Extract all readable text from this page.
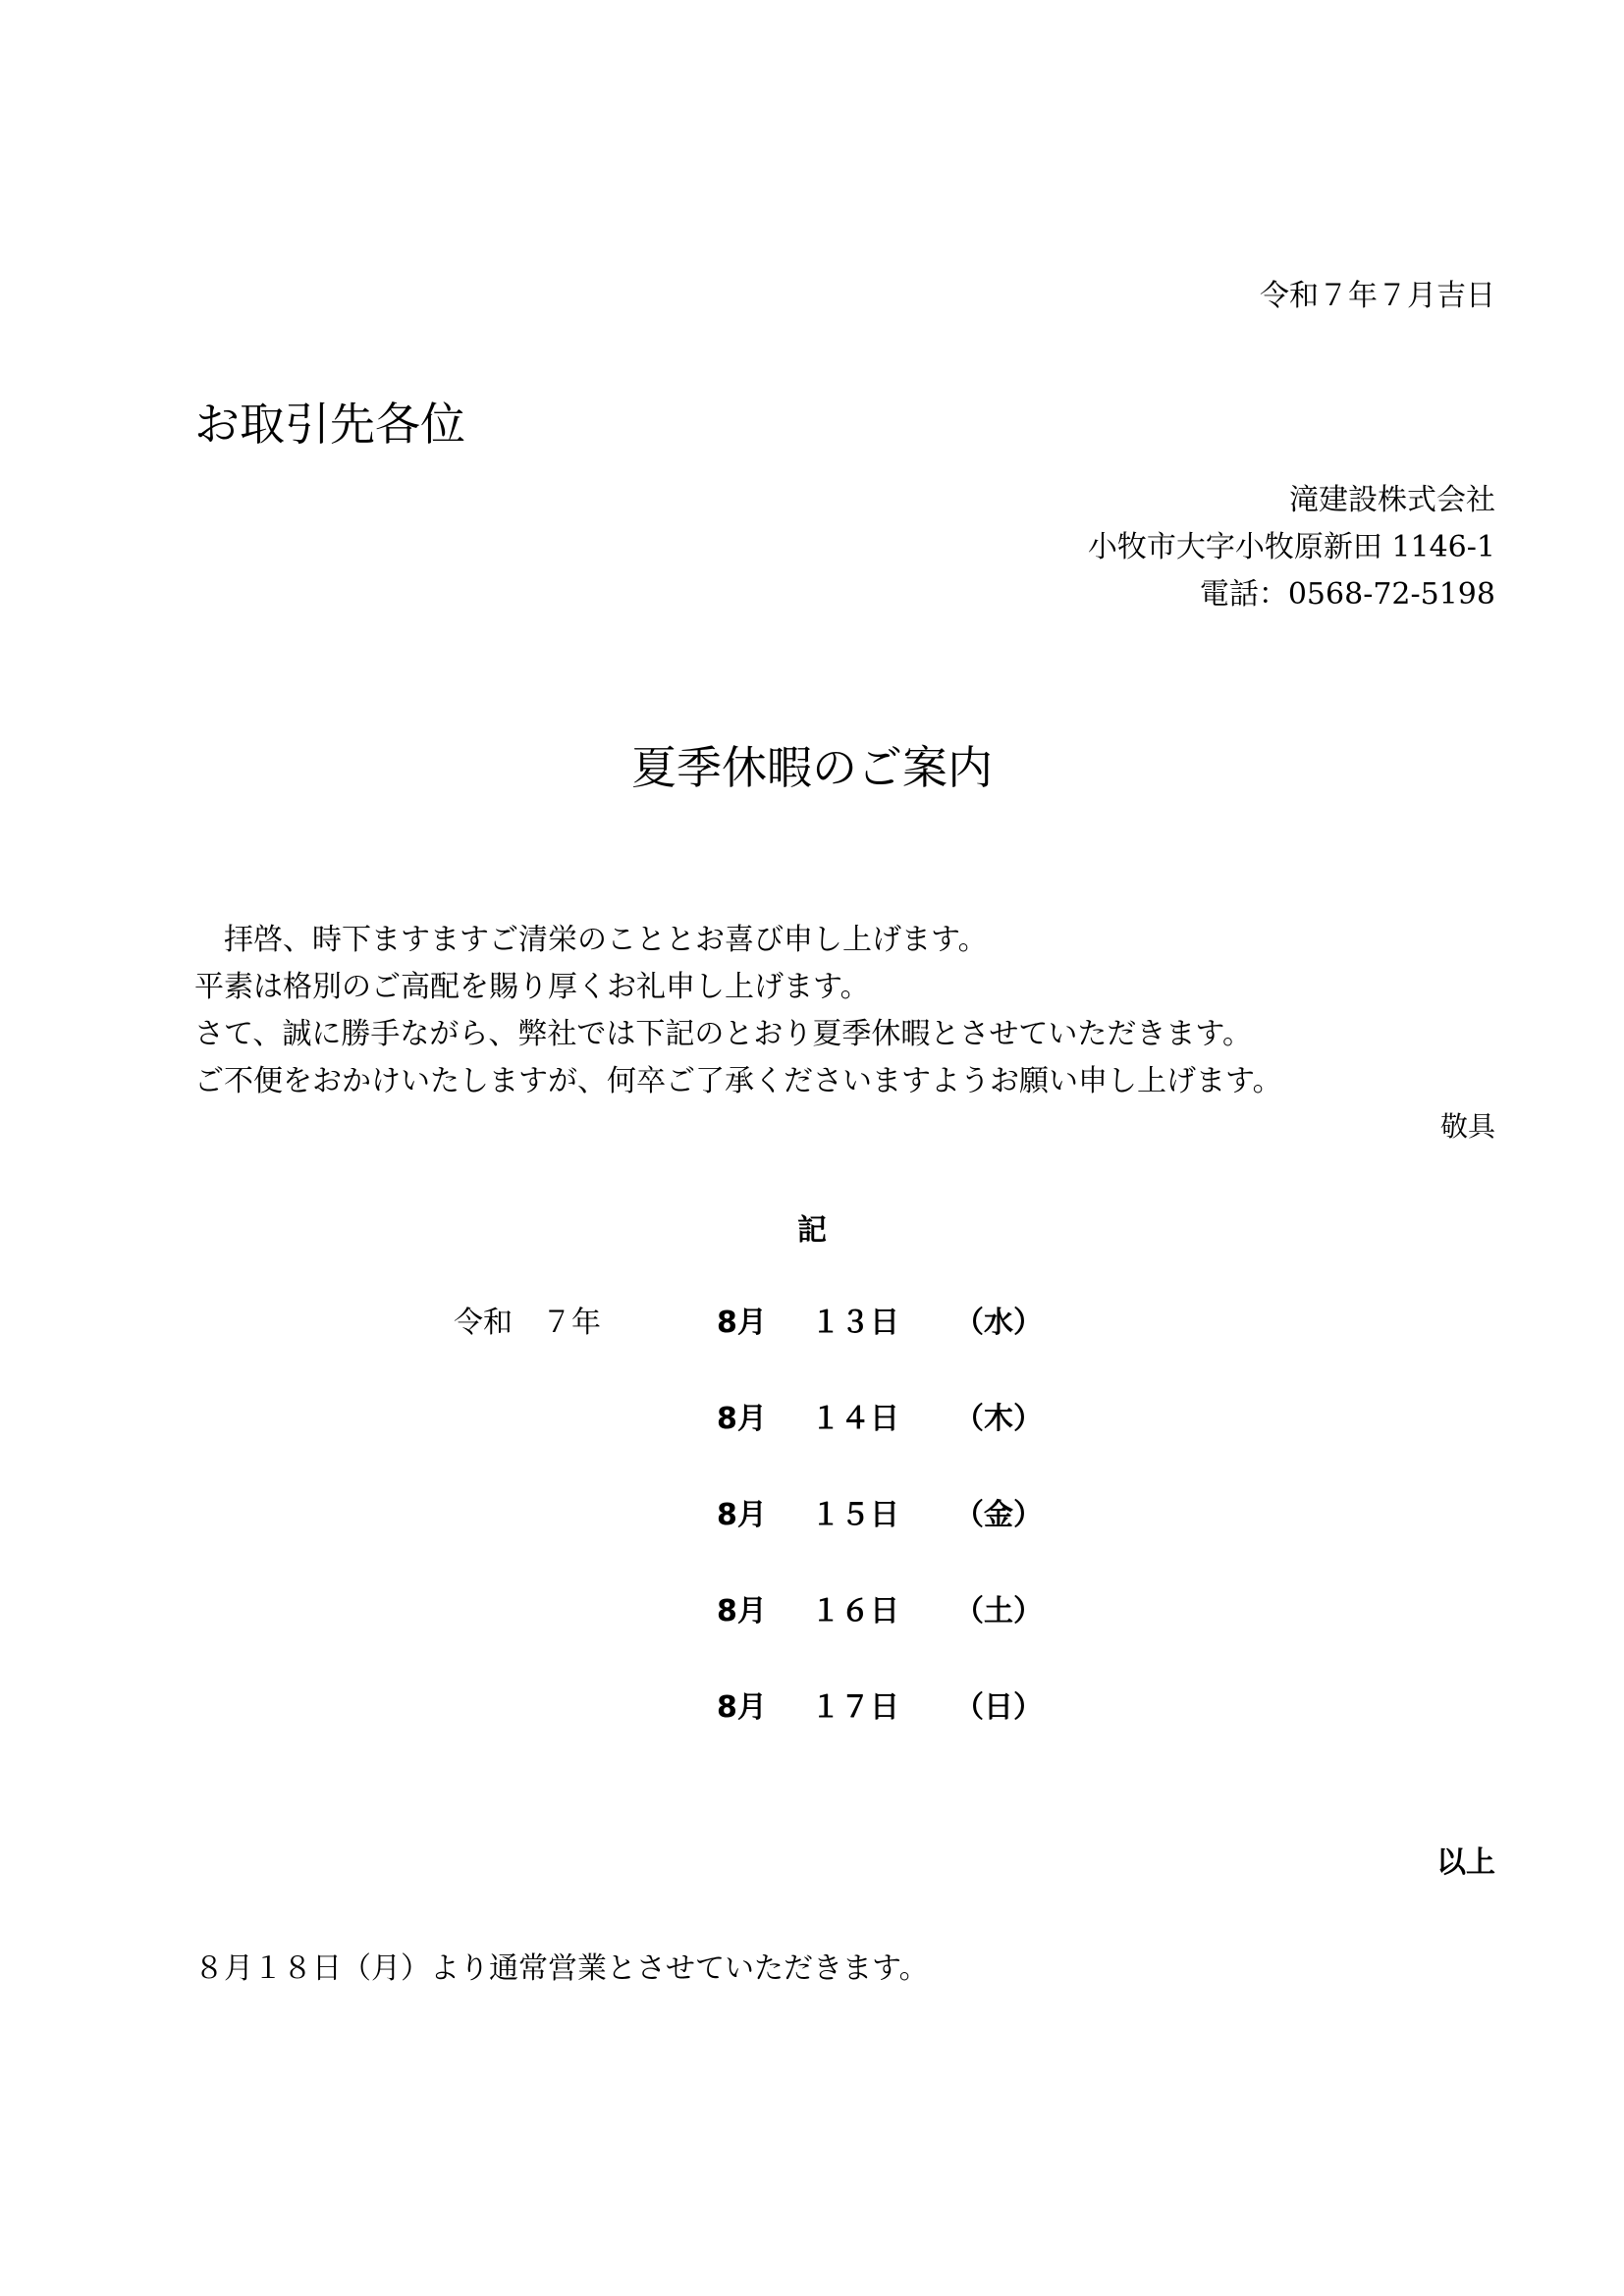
令和７年７月吉日
お取引先各位
滝建設株式会社
小牧市大字小牧原新田 1146-1
電話：0568-72-5198
夏季休暇のご案内
　拝啓、時下ますますご清栄のこととお喜び申し上げます。
平素は格別のご高配を賜り厚くお礼申し上げます。
さて、誠に勝手ながら、弊社では下記のとおり夏季休暇とさせていただきます。
ご不便をおかけいたしますが、何卒ご了承くださいますようお願い申し上げます。
敬具
記
令和　７年	8月 １３日 （水）
8月 １４日 （木）
8月 １５日 （金）
8月 １６日 （土）
8月 １７日 （日）
以上
８月１８日（月）より通常営業とさせていただきます。
